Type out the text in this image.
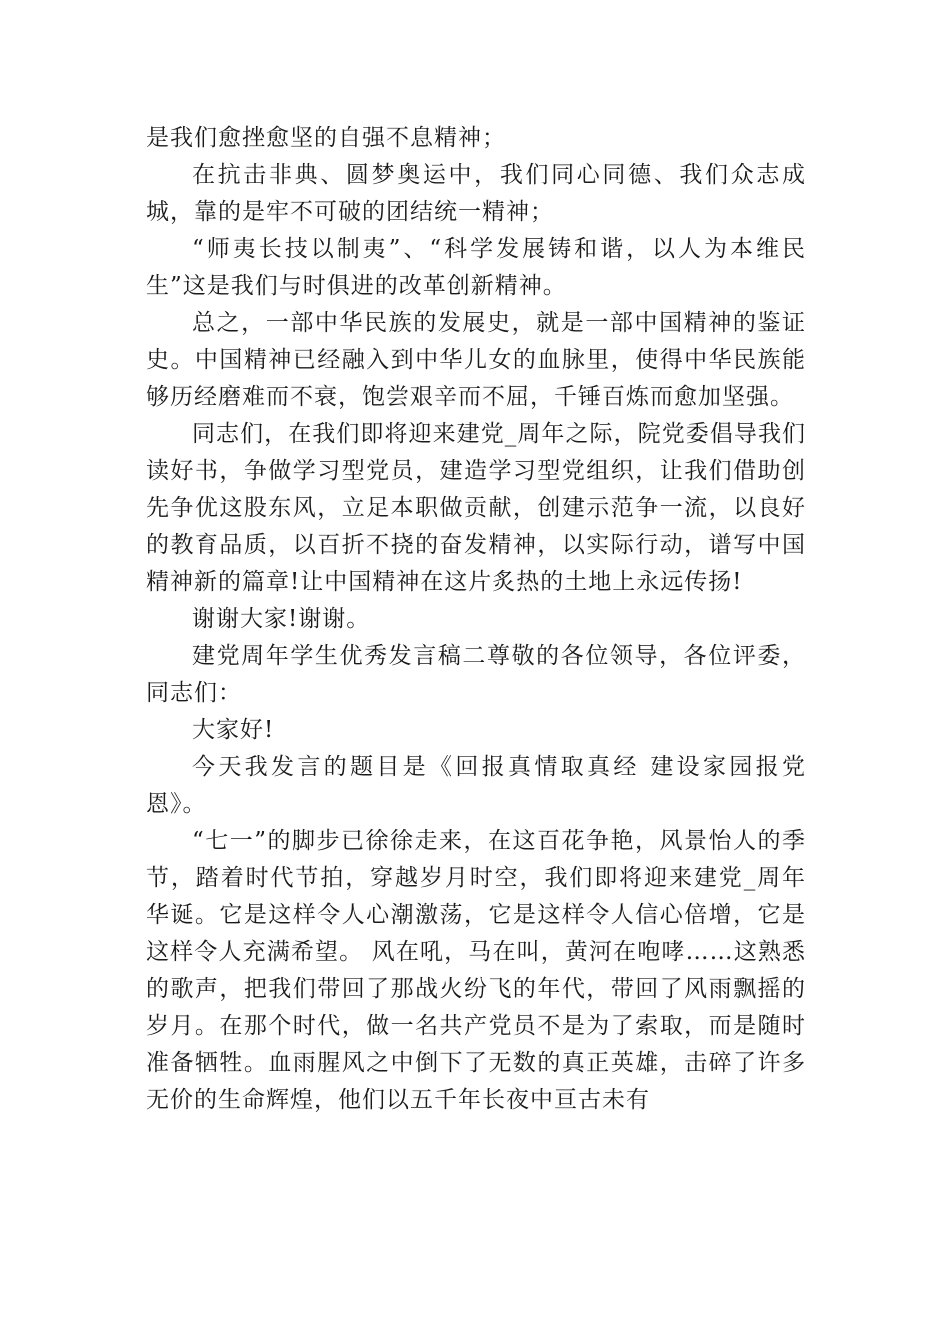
是我们愈挫愈坚的自强不息精神；

在抗击非典、圆梦奥运中，我们同心同德、我们众志成城，靠的是牢不可破的团结统一精神；

“师夷长技以制夷”、“科学发展铸和谐，以人为本维民生”这是我们与时俱进的改革创新精神。

总之，一部中华民族的发展史，就是一部中国精神的鉴证史。中国精神已经融入到中华儿女的血脉里，使得中华民族能够历经磨难而不衰，饱尝艰辛而不屈，千锤百炼而愈加坚强。

同志们，在我们即将迎来建党_周年之际，院党委倡导我们读好书，争做学习型党员，建造学习型党组织，让我们借助创先争优这股东风，立足本职做贡献，创建示范争一流，以良好的教育品质，以百折不挠的奋发精神，以实际行动，谱写中国精神新的篇章!让中国精神在这片炙热的土地上永远传扬!

谢谢大家!谢谢。

建党周年学生优秀发言稿二尊敬的各位领导，各位评委，同志们：

大家好!

今天我发言的题目是《回报真情取真经 建设家园报党恩》。

“七一”的脚步已徐徐走来，在这百花争艳，风景怡人的季节，踏着时代节拍，穿越岁月时空，我们即将迎来建党_周年华诞。它是这样令人心潮激荡，它是这样令人信心倍增，它是这样令人充满希望。 风在吼，马在叫，黄河在咆哮……这熟悉的歌声，把我们带回了那战火纷飞的年代，带回了风雨飘摇的岁月。在那个时代，做一名共产党员不是为了索取，而是随时准备牺牲。血雨腥风之中倒下了无数的真正英雄，击碎了许多无价的生命辉煌，他们以五千年长夜中亘古未有
